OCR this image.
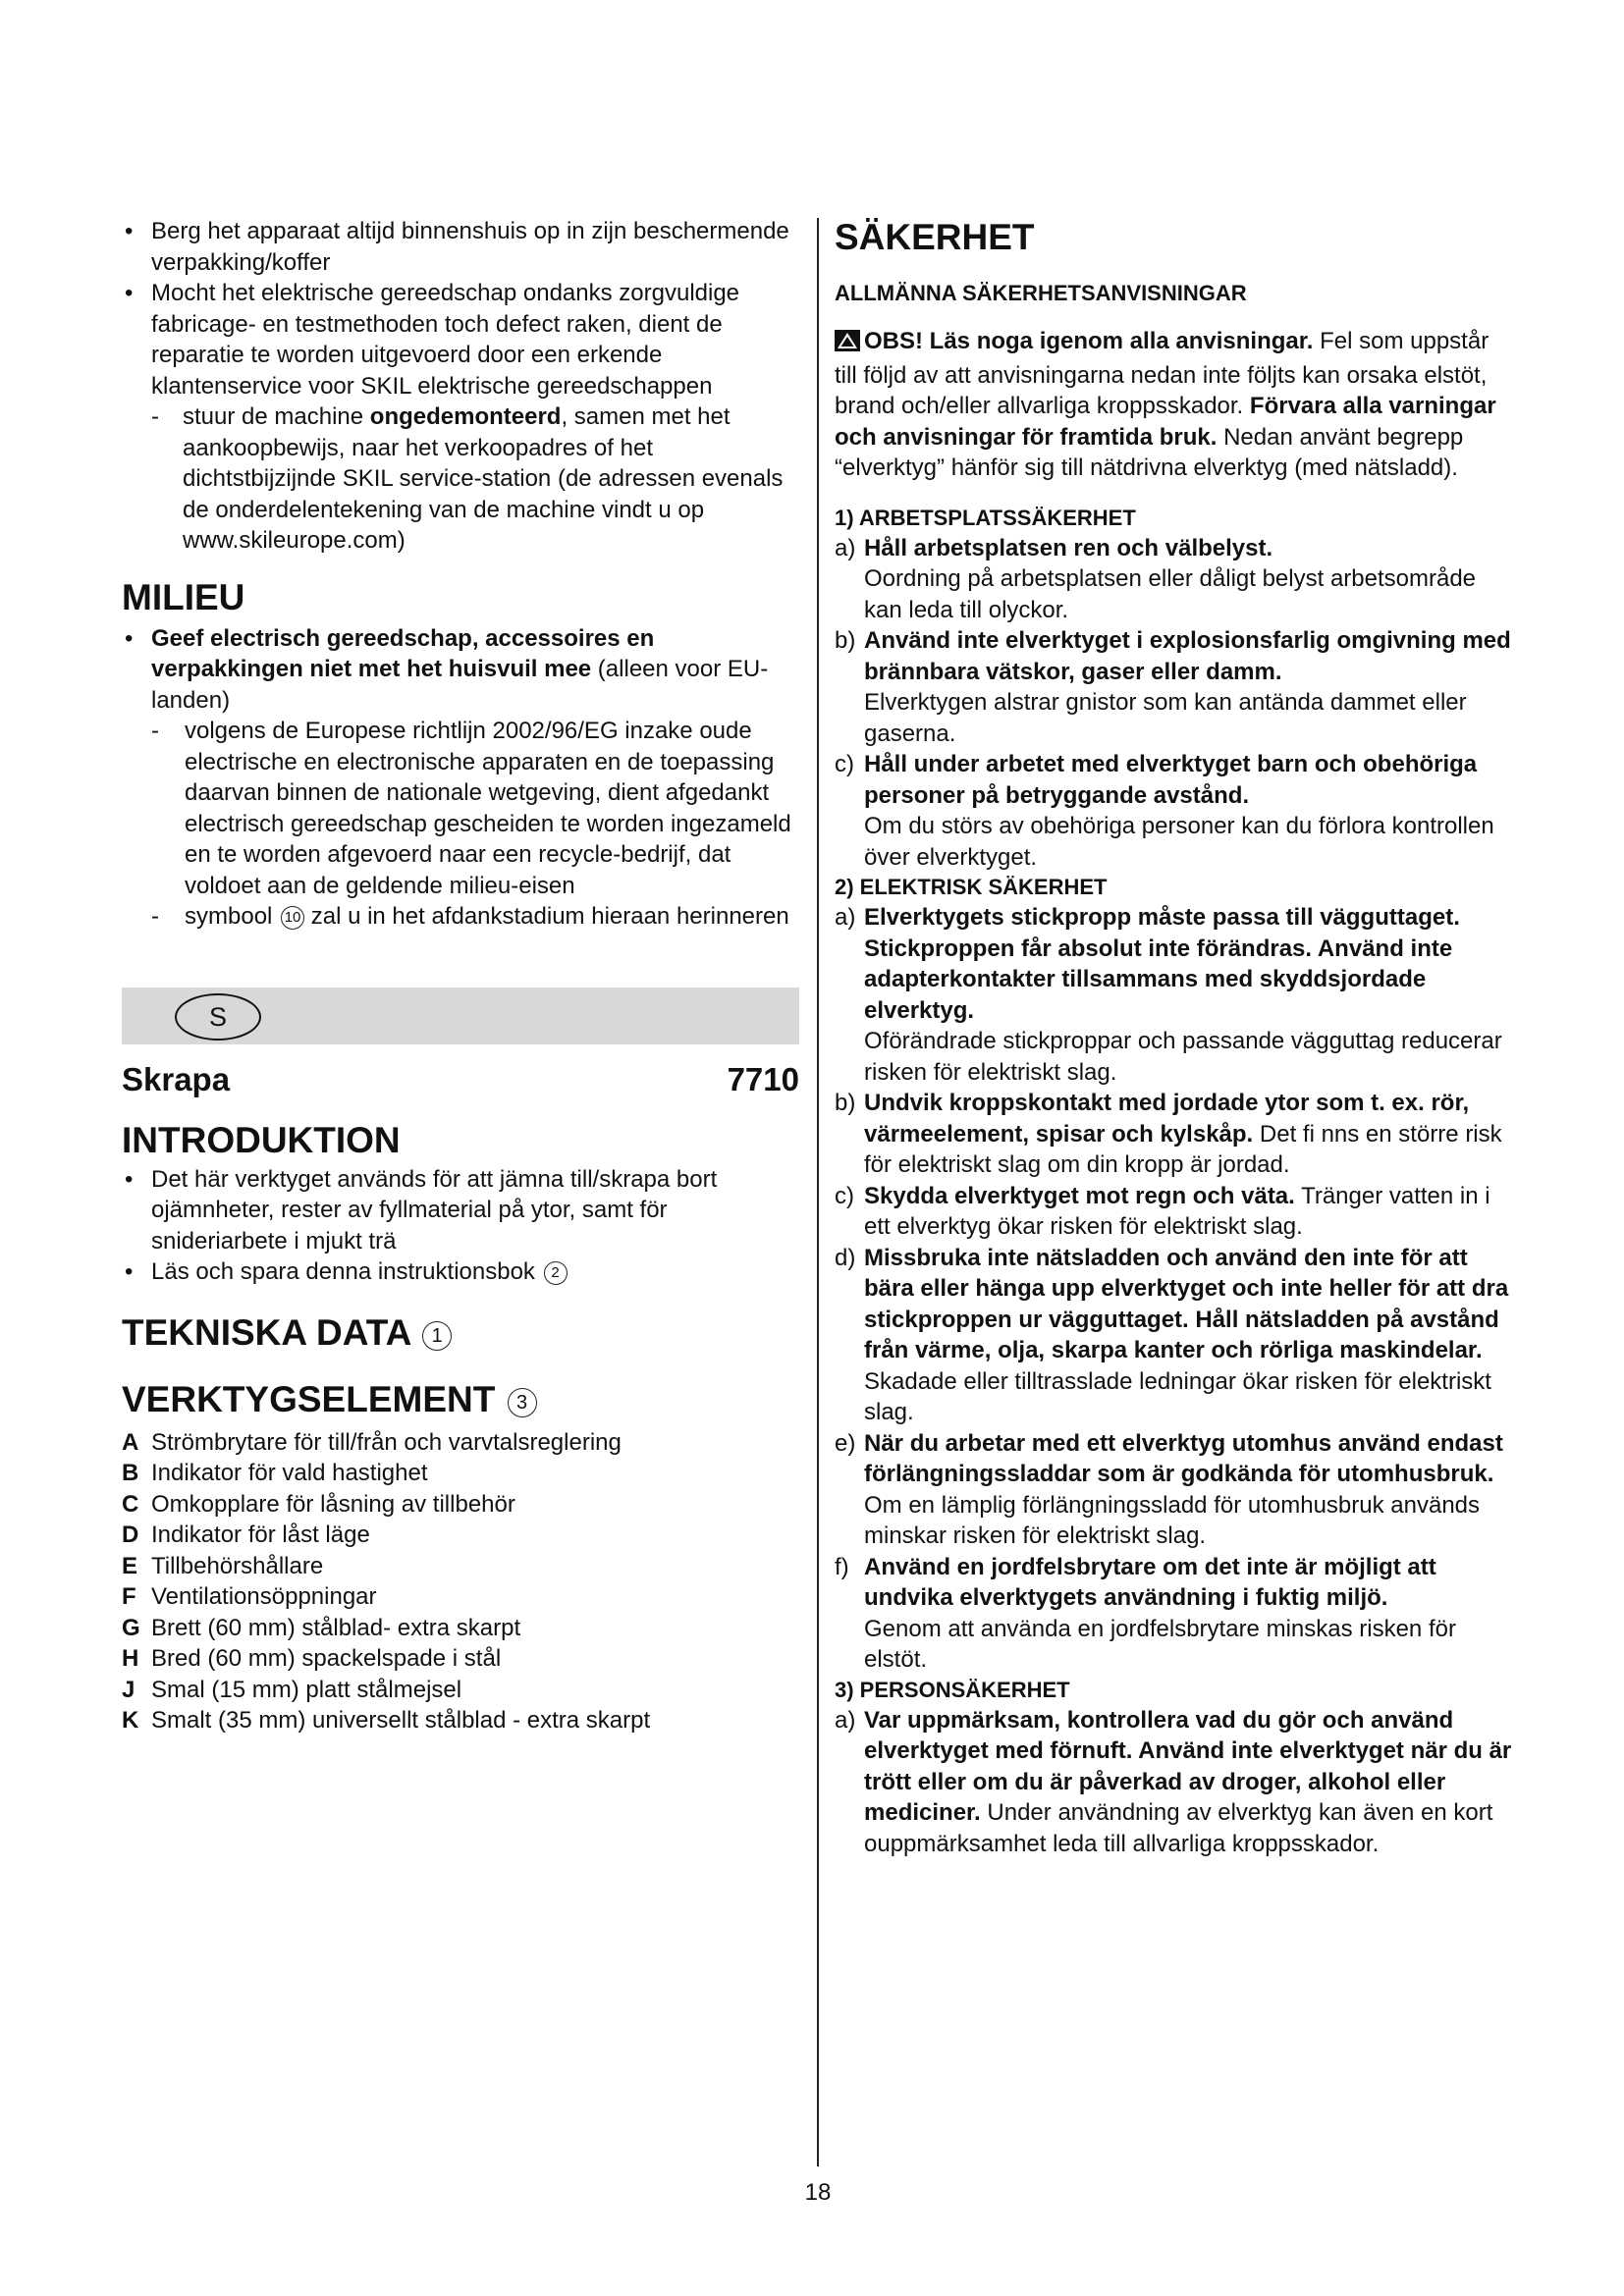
• Berg het apparaat altijd binnenshuis op in zijn beschermende verpakking/koffer
• Mocht het elektrische gereedschap ondanks zorgvuldige fabricage- en testmethoden toch defect raken, dient de reparatie te worden uitgevoerd door een erkende klantenservice voor SKIL elektrische gereedschappen
- stuur de machine ongedemonteerd, samen met het aankoopbewijs, naar het verkoopadres of het dichtstbijzijnde SKIL service-station (de adressen evenals de onderdelentekening van de machine vindt u op www.skileurope.com)
MILIEU
• Geef electrisch gereedschap, accessoires en verpakkingen niet met het huisvuil mee (alleen voor EU-landen)
- volgens de Europese richtlijn 2002/96/EG inzake oude electrische en electronische apparaten en de toepassing daarvan binnen de nationale wetgeving, dient afgedankt electrisch gereedschap gescheiden te worden ingezameld en te worden afgevoerd naar een recycle-bedrijf, dat voldoet aan de geldende milieu-eisen
- symbool 10 zal u in het afdankstadium hieraan herinneren
S
Skrapa	7710
INTRODUKTION
• Det här verktyget används för att jämna till/skrapa bort ojämnheter, rester av fyllmaterial på ytor, samt för snideriarbete i mjukt trä
• Läs och spara denna instruktionsbok 2
TEKNISKA DATA 1
VERKTYGSELEMENT 3
A Strömbrytare för till/från och varvtalsreglering
B Indikator för vald hastighet
C Omkopplare för låsning av tillbehör
D Indikator för låst läge
E Tillbehörshållare
F Ventilationsöppningar
G Brett (60 mm) stålblad- extra skarpt
H Bred (60 mm) spackelspade i stål
J Smal (15 mm) platt stålmejsel
K Smalt (35 mm) universellt stålblad - extra skarpt
SÄKERHET
ALLMÄNNA SÄKERHETSANVISNINGAR
OBS! Läs noga igenom alla anvisningar. Fel som uppstår till följd av att anvisningarna nedan inte följts kan orsaka elstöt, brand och/eller allvarliga kroppsskador. Förvara alla varningar och anvisningar för framtida bruk. Nedan använt begrepp “elverktyg” hänför sig till nätdrivna elverktyg (med nätsladd).
1) ARBETSPLATSSÄKERHET
a) Håll arbetsplatsen ren och välbelyst.
Oordning på arbetsplatsen eller dåligt belyst arbetsområde kan leda till olyckor.
b) Använd inte elverktyget i explosionsfarlig omgivning med brännbara vätskor, gaser eller damm.
Elverktygen alstrar gnistor som kan antända dammet eller gaserna.
c) Håll under arbetet med elverktyget barn och obehöriga personer på betryggande avstånd.
Om du störs av obehöriga personer kan du förlora kontrollen över elverktyget.
2) ELEKTRISK SÄKERHET
a) Elverktygets stickpropp måste passa till vägguttaget. Stickproppen får absolut inte förändras. Använd inte adapterkontakter tillsammans med skyddsjordade elverktyg.
Oförändrade stickproppar och passande vägguttag reducerar risken för elektriskt slag.
b) Undvik kroppskontakt med jordade ytor som t. ex. rör, värmeelement, spisar och kylskåp. Det fi nns en större risk för elektriskt slag om din kropp är jordad.
c) Skydda elverktyget mot regn och väta. Tränger vatten in i ett elverktyg ökar risken för elektriskt slag.
d) Missbruka inte nätsladden och använd den inte för att bära eller hänga upp elverktyget och inte heller för att dra stickproppen ur vägguttaget. Håll nätsladden på avstånd från värme, olja, skarpa kanter och rörliga maskindelar. Skadade eller tilltrasslade ledningar ökar risken för elektriskt slag.
e) När du arbetar med ett elverktyg utomhus använd endast förlängningssladdar som är godkända för utomhusbruk. Om en lämplig förlängningssladd för utomhusbruk används minskar risken för elektriskt slag.
f) Använd en jordfelsbrytare om det inte är möjligt att undvika elverktygets användning i fuktig miljö.
Genom att använda en jordfelsbrytare minskas risken för elstöt.
3) PERSONSÄKERHET
a) Var uppmärksam, kontrollera vad du gör och använd elverktyget med förnuft. Använd inte elverktyget när du är trött eller om du är påverkad av droger, alkohol eller mediciner. Under användning av elverktyg kan även en kort ouppmärksamhet leda till allvarliga kroppsskador.
18
